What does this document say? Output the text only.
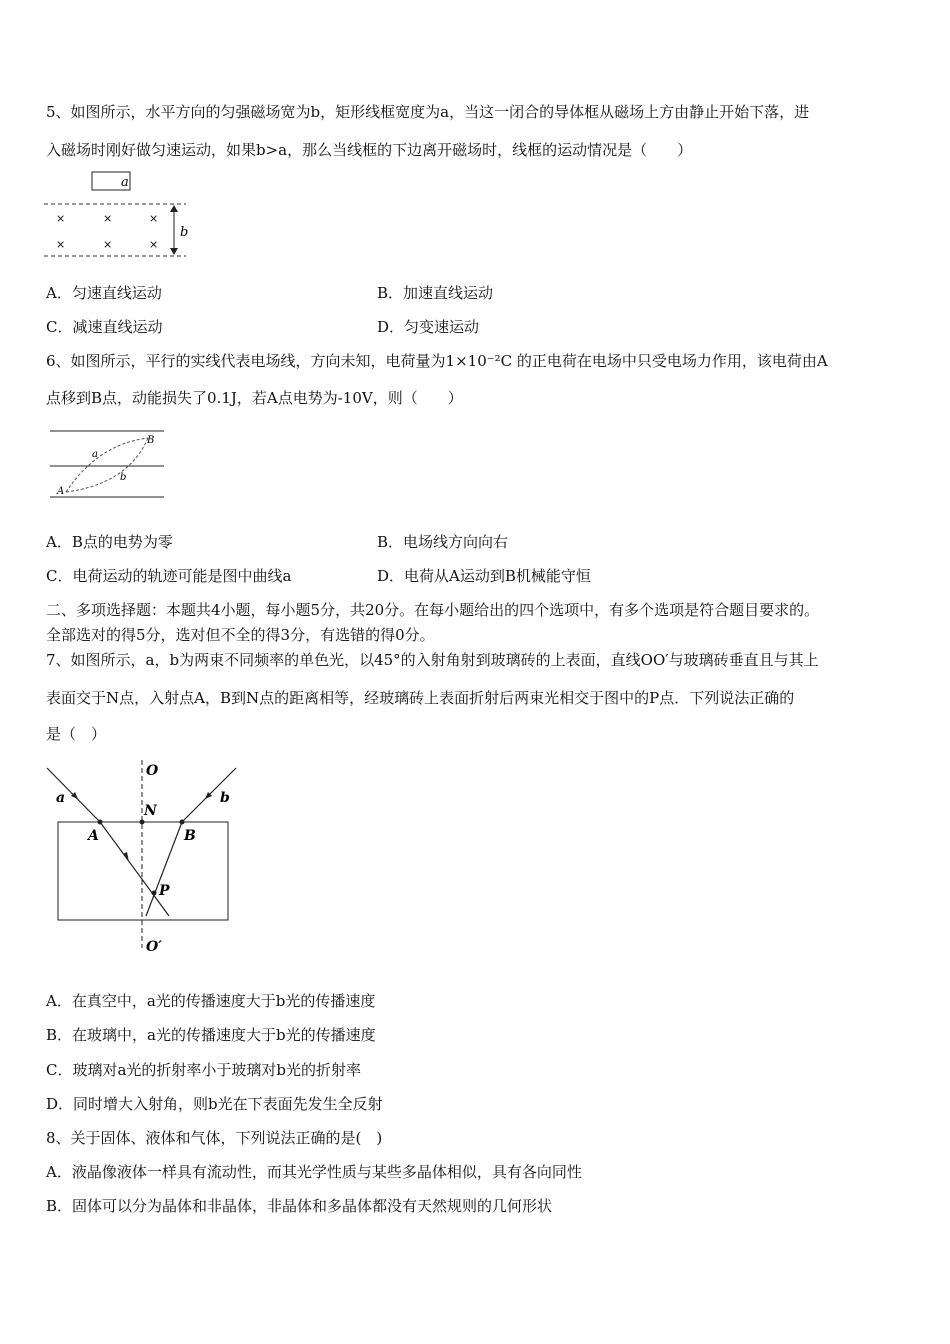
5、如图所示，水平方向的匀强磁场宽为b，矩形线框宽度为a，当这一闭合的导体框从磁场上方由静止开始下落，进
入磁场时刚好做匀速运动，如果b>a，那么当线框的下边离开磁场时，线框的运动情况是（　　）
a
×	×	×
×	×	×
b
A．匀速直线运动	B．加速直线运动
C．减速直线运动	D．匀变速运动
6、如图所示，平行的实线代表电场线，方向未知，电荷量为1×10⁻²C 的正电荷在电场中只受电场力作用，该电荷由A
点移到B点，动能损失了0.1J，若A点电势为-10V，则（　　）
B
a
b
A
A．B点的电势为零	B．电场线方向向右
C．电荷运动的轨迹可能是图中曲线a	D．电荷从A运动到B机械能守恒
二、多项选择题：本题共4小题，每小题5分，共20分。在每小题给出的四个选项中，有多个选项是符合题目要求的。
全部选对的得5分，选对但不全的得3分，有选错的得0分。
7、如图所示，a，b为两束不同频率的单色光，以45°的入射角射到玻璃砖的上表面，直线OO′与玻璃砖垂直且与其上
表面交于N点，入射点A，B到N点的距离相等，经玻璃砖上表面折射后两束光相交于图中的P点．下列说法正确的
是（　）
O
O′
N
A	B
P
a	b
A．在真空中，a光的传播速度大于b光的传播速度
B．在玻璃中，a光的传播速度大于b光的传播速度
C．玻璃对a光的折射率小于玻璃对b光的折射率
D．同时增大入射角，则b光在下表面先发生全反射
8、关于固体、液体和气体，下列说法正确的是(　)
A．液晶像液体一样具有流动性，而其光学性质与某些多晶体相似，具有各向同性
B．固体可以分为晶体和非晶体，非晶体和多晶体都没有天然规则的几何形状
